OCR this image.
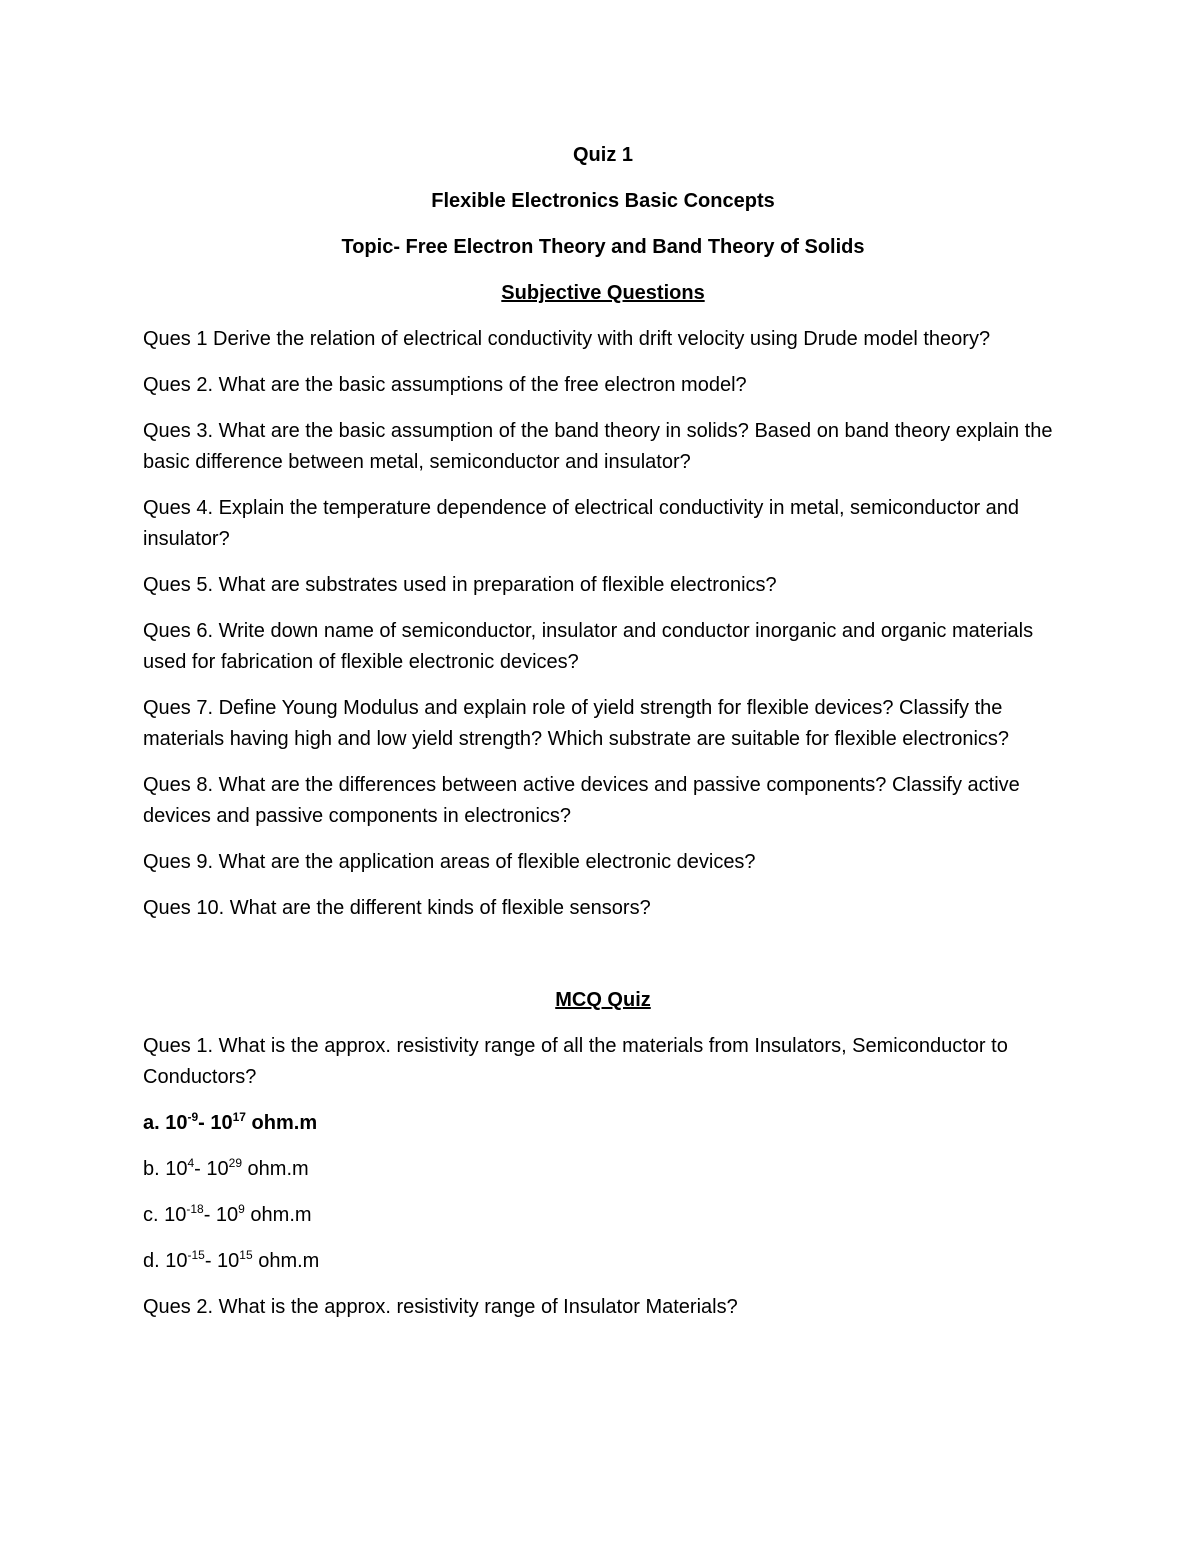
Quiz 1
Flexible Electronics Basic Concepts
Topic- Free Electron Theory and Band Theory of Solids
Subjective Questions

Ques 1 Derive the relation of electrical conductivity with drift velocity using Drude model theory?

Ques 2. What are the basic assumptions of the free electron model?

Ques 3. What are the basic assumption of the band theory in solids? Based on band theory explain the basic difference between metal, semiconductor and insulator?

Ques 4. Explain the temperature dependence of electrical conductivity in metal, semiconductor and insulator?

Ques 5. What are substrates used in preparation of flexible electronics?

Ques 6. Write down name of semiconductor, insulator and conductor inorganic and organic materials used for fabrication of flexible electronic devices?

Ques 7. Define Young Modulus and explain role of yield strength for flexible devices? Classify the materials having high and low yield strength? Which substrate are suitable for flexible electronics?

Ques 8. What are the differences between active devices and passive components? Classify active devices and passive components in electronics?

Ques 9. What are the application areas of flexible electronic devices?

Ques 10. What are the different kinds of flexible sensors?

MCQ Quiz

Ques 1. What is the approx. resistivity range of all the materials from Insulators, Semiconductor to Conductors?

a. $10^{-9}-$ $10^{17}$ ohm.m

b. $10^4-$ $10^{29}$ ohm.m

c. $10^{-18}-$ $10^9$ ohm.m

d. $10^{-15}-$ $10^{15}$ ohm.m

Ques 2. What is the approx. resistivity range of Insulator Materials?
